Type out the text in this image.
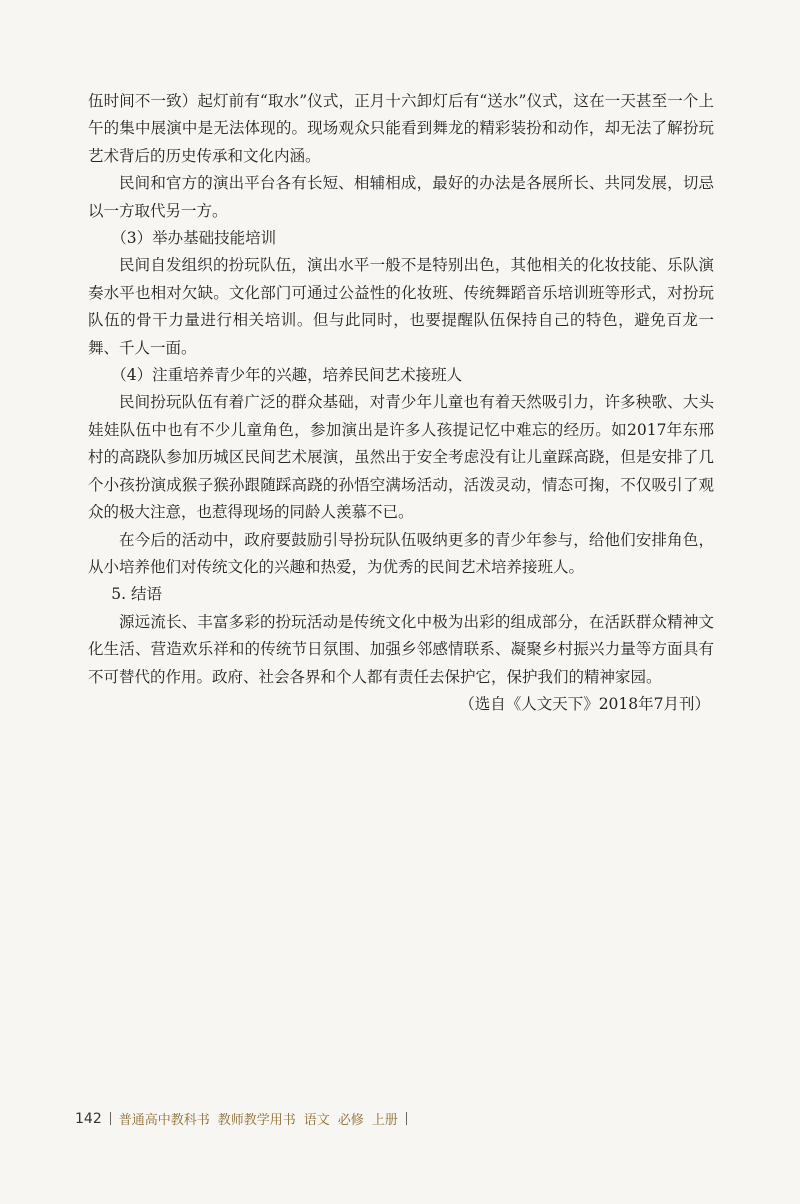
伍时间不一致）起灯前有“取水”仪式，正月十六卸灯后有“送水”仪式，这在一天甚至一个上午的集中展演中是无法体现的。现场观众只能看到舞龙的精彩装扮和动作，却无法了解扮玩艺术背后的历史传承和文化内涵。

民间和官方的演出平台各有长短、相辅相成，最好的办法是各展所长、共同发展，切忌以一方取代另一方。

（3）举办基础技能培训

民间自发组织的扮玩队伍，演出水平一般不是特别出色，其他相关的化妆技能、乐队演奏水平也相对欠缺。文化部门可通过公益性的化妆班、传统舞蹈音乐培训班等形式，对扮玩队伍的骨干力量进行相关培训。但与此同时，也要提醒队伍保持自己的特色，避免百龙一舞、千人一面。

（4）注重培养青少年的兴趣，培养民间艺术接班人

民间扮玩队伍有着广泛的群众基础，对青少年儿童也有着天然吸引力，许多秧歌、大头娃娃队伍中也有不少儿童角色，参加演出是许多人孩提记忆中难忘的经历。如2017年东邢村的高跷队参加历城区民间艺术展演，虽然出于安全考虑没有让儿童踩高跷，但是安排了几个小孩扮演成猴子猴孙跟随踩高跷的孙悟空满场活动，活泼灵动，情态可掬，不仅吸引了观众的极大注意，也惹得现场的同龄人羡慕不已。

在今后的活动中，政府要鼓励引导扮玩队伍吸纳更多的青少年参与，给他们安排角色，从小培养他们对传统文化的兴趣和热爱，为优秀的民间艺术培养接班人。

5. 结语

源远流长、丰富多彩的扮玩活动是传统文化中极为出彩的组成部分，在活跃群众精神文化生活、营造欢乐祥和的传统节日氛围、加强乡邻感情联系、凝聚乡村振兴力量等方面具有不可替代的作用。政府、社会各界和个人都有责任去保护它，保护我们的精神家园。

（选自《人文天下》2018年7月刊）

142 普通高中教科书 教师教学用书 语文 必修 上册
